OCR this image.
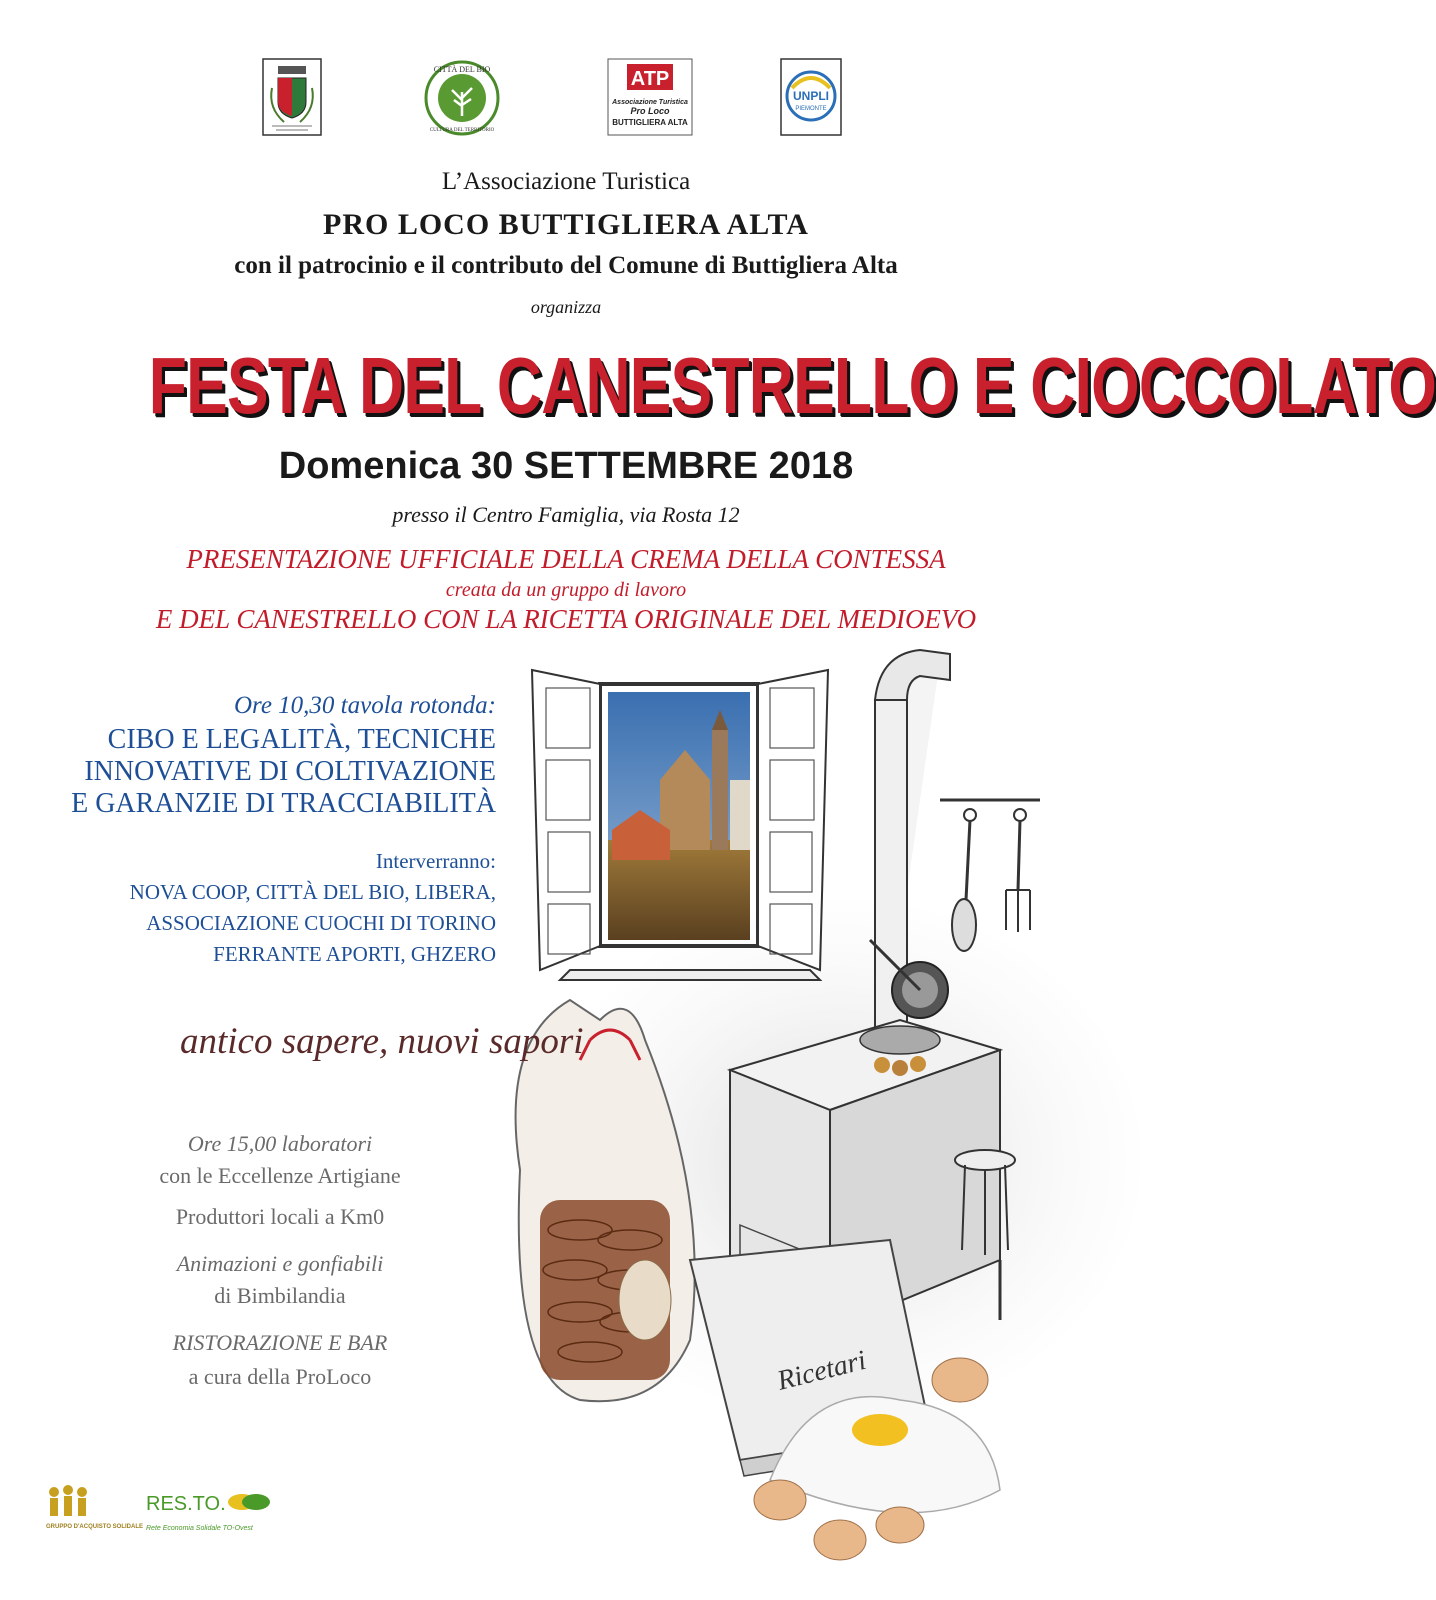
CITTÀ DEL BIO
CULTURA DEL TERRITORIO
ATP
Associazione Turistica
Pro Loco
BUTTIGLIERA ALTA
UNPLI
PIEMONTE
L’Associazione Turistica
PRO LOCO BUTTIGLIERA ALTA
con il patrocinio e il contributo del Comune di Buttigliera Alta
organizza
FESTA DEL CANESTRELLO E CIOCCOLATO
Domenica 30 SETTEMBRE 2018
presso il Centro Famiglia, via Rosta 12
PRESENTAZIONE UFFICIALE DELLA CREMA DELLA CONTESSA
creata da un gruppo di lavoro
E DEL CANESTRELLO CON LA RICETTA ORIGINALE DEL MEDIOEVO
Ricetari
Ore 10,30 tavola rotonda:
CIBO E LEGALITÀ, TECNICHE
INNOVATIVE DI COLTIVAZIONE
E GARANZIE DI TRACCIABILITÀ
Interverranno:
NOVA COOP, CITTÀ DEL BIO, LIBERA,
ASSOCIAZIONE CUOCHI DI TORINO
FERRANTE APORTI, GHZERO
antico sapere, nuovi sapori
Ore 15,00 laboratori
con le Eccellenze Artigiane
Produttori locali a Km0
Animazioni e gonfiabili
di Bimbilandia
RISTORAZIONE E BAR
a cura della ProLoco
GRUPPO D'ACQUISTO SOLIDALE
RES.TO.
Rete Economia Solidale TO-Ovest
